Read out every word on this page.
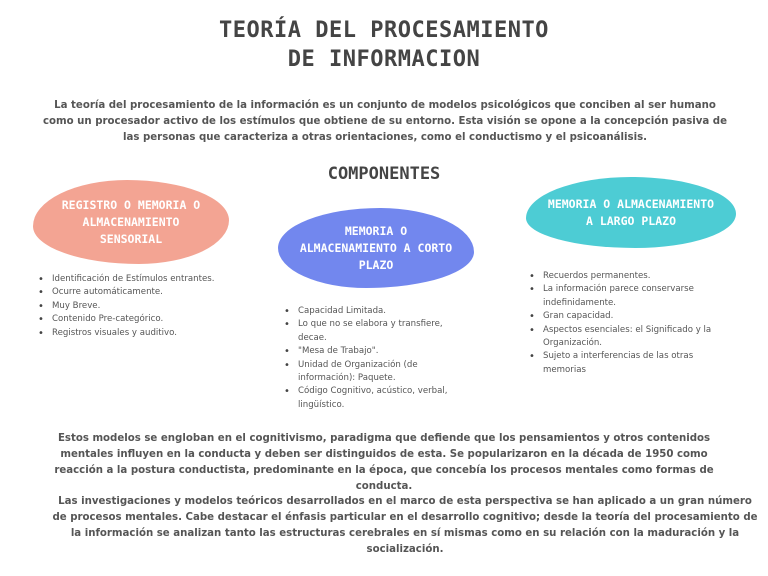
TEORÍA DEL PROCESAMIENTO
DE INFORMACION
La teoría del procesamiento de la información es un conjunto de modelos psicológicos que conciben al ser humano como un procesador activo de los estímulos que obtiene de su entorno. Esta visión se opone a la concepción pasiva de las personas que caracteriza a otras orientaciones, como el conductismo y el psicoanálisis.
COMPONENTES
REGISTRO O MEMORIA O ALMACENAMIENTO SENSORIAL
MEMORIA O ALMACENAMIENTO A CORTO PLAZO
MEMORIA O ALMACENAMIENTO A LARGO PLAZO
• Identificación de Estímulos entrantes.
• Ocurre automáticamente.
• Muy Breve.
• Contenido Pre-categórico.
• Registros visuales y auditivo.
• Capacidad Limitada.
• Lo que no se elabora y transfiere, decae.
• "Mesa de Trabajo".
• Unidad de Organización (de información): Paquete.
• Código Cognitivo, acústico, verbal, lingüístico.
• Recuerdos permanentes.
• La información parece conservarse indefinidamente.
• Gran capacidad.
• Aspectos esenciales: el Significado y la Organización.
• Sujeto a interferencias de las otras memorias
Estos modelos se engloban en el cognitivismo, paradigma que defiende que los pensamientos y otros contenidos mentales influyen en la conducta y deben ser distinguidos de esta. Se popularizaron en la década de 1950 como reacción a la postura conductista, predominante en la época, que concebía los procesos mentales como formas de conducta.
Las investigaciones y modelos teóricos desarrollados en el marco de esta perspectiva se han aplicado a un gran número de procesos mentales. Cabe destacar el énfasis particular en el desarrollo cognitivo; desde la teoría del procesamiento de la información se analizan tanto las estructuras cerebrales en sí mismas como en su relación con la maduración y la socialización.
